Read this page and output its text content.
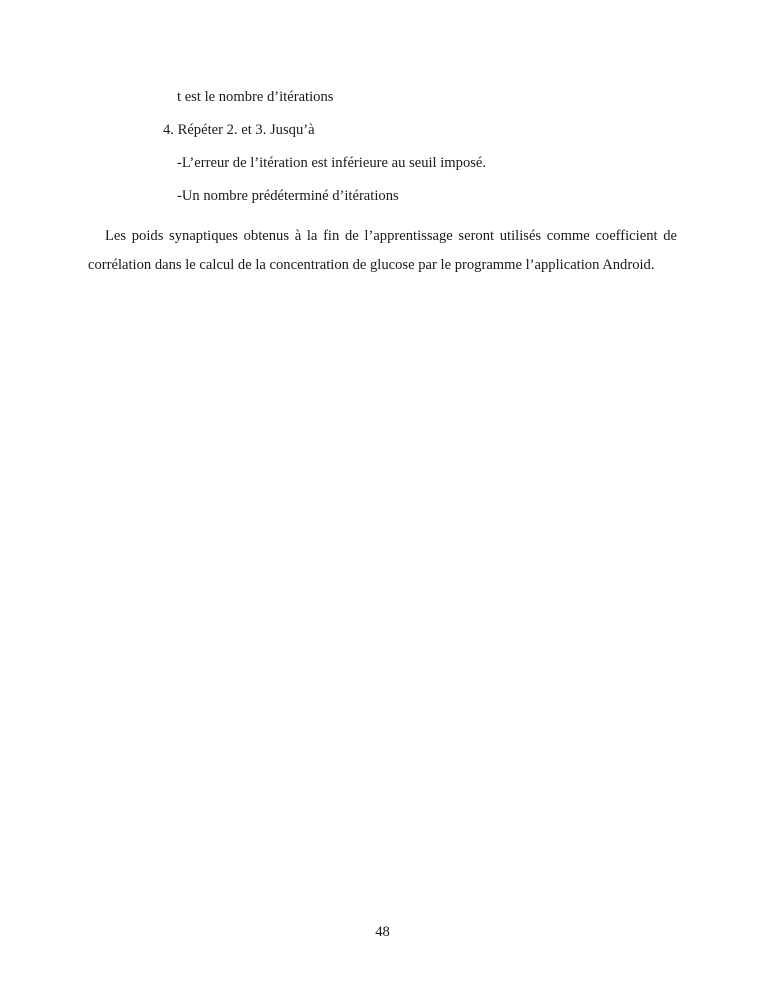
t est le nombre d’itérations
4. Répéter 2. et 3. Jusqu’à
-L’erreur de l’itération est inférieure au seuil imposé.
-Un nombre prédéterminé d’itérations

Les poids synaptiques obtenus à la fin de l’apprentissage seront utilisés comme coefficient de corrélation dans le calcul de la concentration de glucose par le programme l’application Android.

48
